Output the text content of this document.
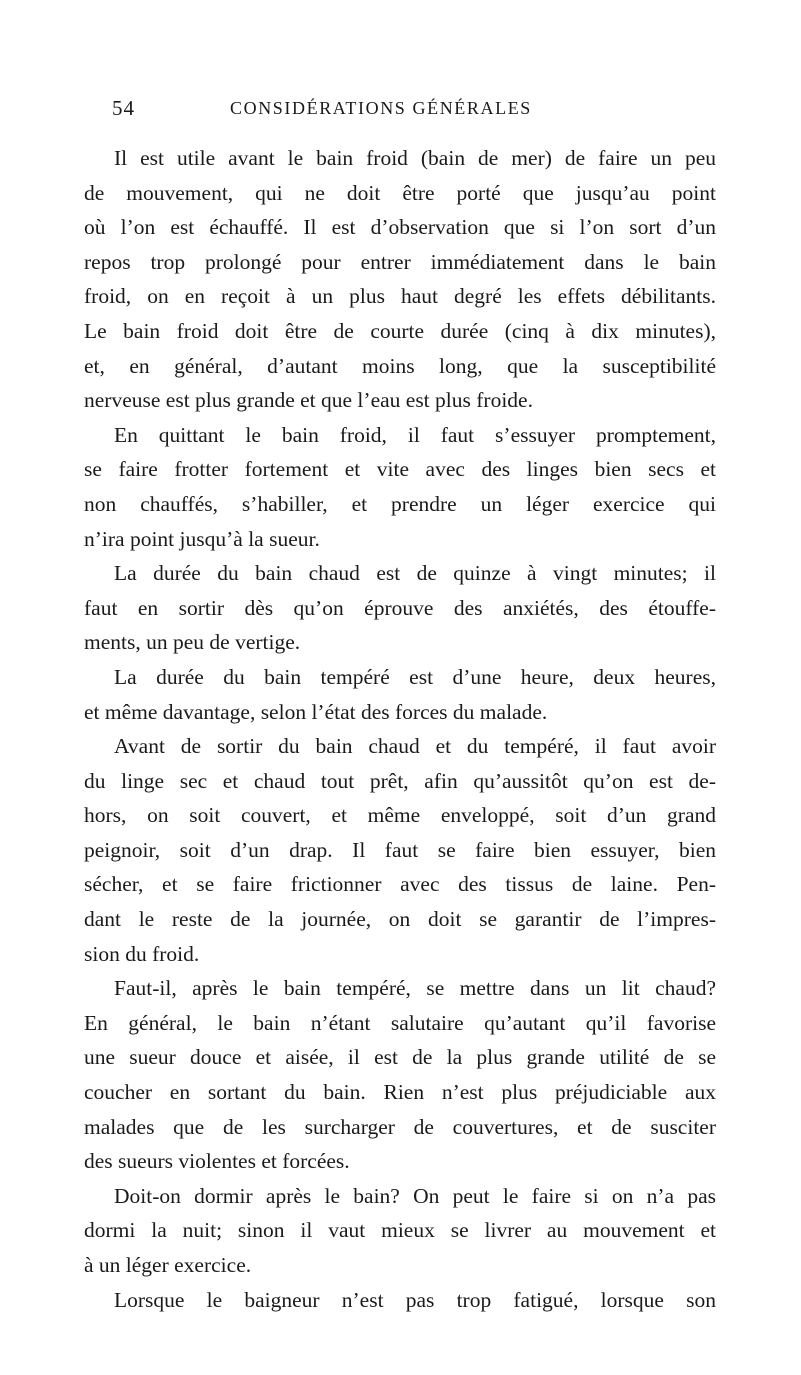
54	CONSIDÉRATIONS GÉNÉRALES
Il est utile avant le bain froid (bain de mer) de faire un peu
de mouvement, qui ne doit être porté que jusqu’au point
où l’on est échauffé. Il est d’observation que si l’on sort d’un
repos trop prolongé pour entrer immédiatement dans le bain
froid, on en reçoit à un plus haut degré les effets débilitants.
Le bain froid doit être de courte durée (cinq à dix minutes),
et, en général, d’autant moins long, que la susceptibilité
nerveuse est plus grande et que l’eau est plus froide.
En quittant le bain froid, il faut s’essuyer promptement,
se faire frotter fortement et vite avec des linges bien secs et
non chauffés, s’habiller, et prendre un léger exercice qui
n’ira point jusqu’à la sueur.
La durée du bain chaud est de quinze à vingt minutes; il
faut en sortir dès qu’on éprouve des anxiétés, des étouffe-
ments, un peu de vertige.
La durée du bain tempéré est d’une heure, deux heures,
et même davantage, selon l’état des forces du malade.
Avant de sortir du bain chaud et du tempéré, il faut avoir
du linge sec et chaud tout prêt, afin qu’aussitôt qu’on est de-
hors, on soit couvert, et même enveloppé, soit d’un grand
peignoir, soit d’un drap. Il faut se faire bien essuyer, bien
sécher, et se faire frictionner avec des tissus de laine. Pen-
dant le reste de la journée, on doit se garantir de l’impres-
sion du froid.
Faut-il, après le bain tempéré, se mettre dans un lit chaud?
En général, le bain n’étant salutaire qu’autant qu’il favorise
une sueur douce et aisée, il est de la plus grande utilité de se
coucher en sortant du bain. Rien n’est plus préjudiciable aux
malades que de les surcharger de couvertures, et de susciter
des sueurs violentes et forcées.
Doit-on dormir après le bain? On peut le faire si on n’a pas
dormi la nuit; sinon il vaut mieux se livrer au mouvement et
à un léger exercice.
Lorsque le baigneur n’est pas trop fatigué, lorsque son
